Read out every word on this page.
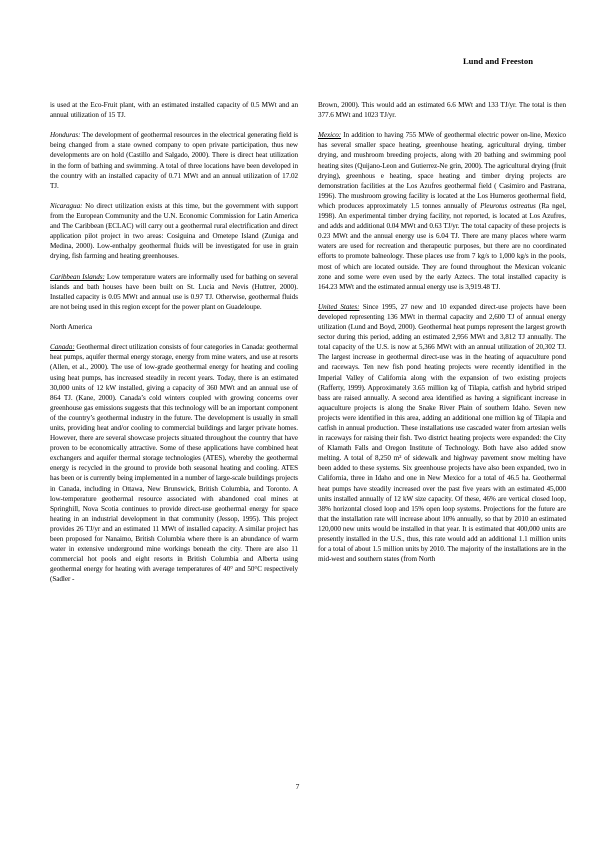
Lund and Freeston

is used at the Eco-Fruit plant, with an estimated installed capacity of 0.5 MWt and an annual utilization of 15 TJ.

Honduras: The development of geothermal resources in the electrical generating field is being changed from a state owned company to open private participation, thus new developments are on hold (Castillo and Salgado, 2000). There is direct heat utilization in the form of bathing and swimming. A total of three locations have been developed in the country with an installed capacity of 0.71 MWt and an annual utilization of 17.02 TJ.

Nicaragua: No direct utilization exists at this time, but the government with support from the European Community and the U.N. Economic Commission for Latin America and The Caribbean (ECLAC) will carry out a geothermal rural electrification and direct application pilot project in two areas: Cosiguina and Ometepe Island (Zuniga and Medina, 2000). Low-enthalpy geothermal fluids will be investigated for use in grain drying, fish farming and heating greenhouses.

Caribbean Islands: Low temperature waters are informally used for bathing on several islands and bath houses have been built on St. Lucia and Nevis (Huttrer, 2000). Installed capacity is 0.05 MWt and annual use is 0.97 TJ. Otherwise, geothermal fluids are not being used in this region except for the power plant on Guadeloupe.

North America

Canada: Geothermal direct utilization consists of four categories in Canada: geothermal heat pumps, aquifer thermal energy storage, energy from mine waters, and use at resorts (Allen, et al., 2000). The use of low-grade geothermal energy for heating and cooling using heat pumps, has increased steadily in recent years. Today, there is an estimated 30,000 units of 12 kW installed, giving a capacity of 360 MWt and an annual use of 864 TJ. (Kane, 2000). Canada’s cold winters coupled with growing concerns over greenhouse gas emissions suggests that this technology will be an important component of the country’s geothermal industry in the future. The development is usually in small units, providing heat and/or cooling to commercial buildings and larger private homes. However, there are several showcase projects situated throughout the country that have proven to be economically attractive. Some of these applications have combined heat exchangers and aquifer thermal storage technologies (ATES), whereby the geothermal energy is recycled in the ground to provide both seasonal heating and cooling. ATES has been or is currently being implemented in a number of large-scale buildings projects in Canada, including in Ottawa, New Brunswick, British Columbia, and Toronto. A low-temperature geothermal resource associated with abandoned coal mines at Springhill, Nova Scotia continues to provide direct-use geothermal energy for space heating in an industrial development in that community (Jessop, 1995). This project provides 26 TJ/yr and an estimated 11 MWt of installed capacity. A similar project has been proposed for Nanaimo, British Columbia where there is an abundance of warm water in extensive underground mine workings beneath the city. There are also 11 commercial hot pools and eight resorts in British Columbia and Alberta using geothermal energy for heating with average temperatures of 40° and 50°C respectively (Sadler -

Brown, 2000). This would add an estimated 6.6 MWt and 133 TJ/yr. The total is then 377.6 MWt and 1023 TJ/yr.

Mexico: In addition to having 755 MWe of geothermal electric power on-line, Mexico has several smaller space heating, greenhouse heating, agricultural drying, timber drying, and mushroom breeding projects, along with 20 bathing and swimming pool heating sites (Quijano-Leon and Gutierrez-Ne grin, 2000). The agricultural drying (fruit drying), greenhous e heating, space heating and timber drying projects are demonstration facilities at the Los Azufres geothermal field ( Casimiro and Pastrana, 1996). The mushroom growing facility is located at the Los Humeros geothermal field, which produces approximately 1.5 tonnes annually of Pleurotus ostreatus (Ra ngel, 1998). An experimental timber drying facility, not reported, is located at Los Azufres, and adds and additional 0.04 MWt and 0.63 TJ/yr. The total capacity of these projects is 0.23 MWt and the annual energy use is 6.04 TJ. There are many places where warm waters are used for recreation and therapeutic purposes, but there are no coordinated efforts to promote balneology. These places use from 7 kg/s to 1,000 kg/s in the pools, most of which are located outside. They are found throughout the Mexican volcanic zone and some were even used by the early Aztecs. The total installed capacity is 164.23 MWt and the estimated annual energy use is 3,919.48 TJ.

United States: Since 1995, 27 new and 10 expanded direct-use projects have been developed representing 136 MWt in thermal capacity and 2,600 TJ of annual energy utilization (Lund and Boyd, 2000). Geothermal heat pumps represent the largest growth sector during this period, adding an estimated 2,956 MWt and 3,812 TJ annually. The total capacity of the U.S. is now at 5,366 MWt with an annual utilization of 20,302 TJ. The largest increase in geothermal direct-use was in the heating of aquaculture pond and raceways. Ten new fish pond heating projects were recently identified in the Imperial Valley of California along with the expansion of two existing projects (Rafferty, 1999). Approximately 3.65 million kg of Tilapia, catfish and hybrid striped bass are raised annually. A second area identified as having a significant increase in aquaculture projects is along the Snake River Plain of southern Idaho. Seven new projects were identified in this area, adding an additional one million kg of Tilapia and catfish in annual production. These installations use cascaded water from artesian wells in raceways for raising their fish. Two district heating projects were expanded: the City of Klamath Falls and Oregon Institute of Technology. Both have also added snow melting. A total of 8,250 m² of sidewalk and highway pavement snow melting have been added to these systems. Six greenhouse projects have also been expanded, two in California, three in Idaho and one in New Mexico for a total of 46.5 ha. Geothermal heat pumps have steadily increased over the past five years with an estimated 45,000 units installed annually of 12 kW size capacity. Of these, 46% are vertical closed loop, 38% horizontal closed loop and 15% open loop systems. Projections for the future are that the installation rate will increase about 10% annually, so that by 2010 an estimated 120,000 new units would be installed in that year. It is estimated that 400,000 units are presently installed in the U.S., thus, this rate would add an additional 1.1 million units for a total of about 1.5 million units by 2010. The majority of the installations are in the mid-west and southern states (from North

7
